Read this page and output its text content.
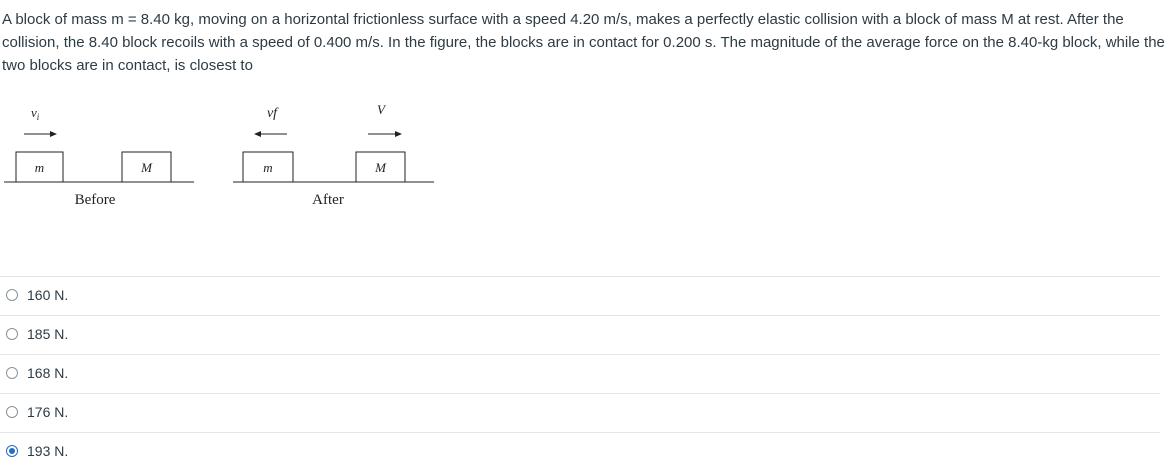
A block of mass m = 8.40 kg, moving on a horizontal frictionless surface with a speed 4.20 m/s, makes a perfectly elastic collision with a block of mass M at rest. After the collision, the 8.40 block recoils with a speed of 0.400 m/s. In the figure, the blocks are in contact for 0.200 s. The magnitude of the average force on the 8.40-kg block, while the two blocks are in contact, is closest to
$v_i$
m	M
Before
vf	V
m	M
After
160 N.
185 N.
168 N.
176 N.
193 N.
